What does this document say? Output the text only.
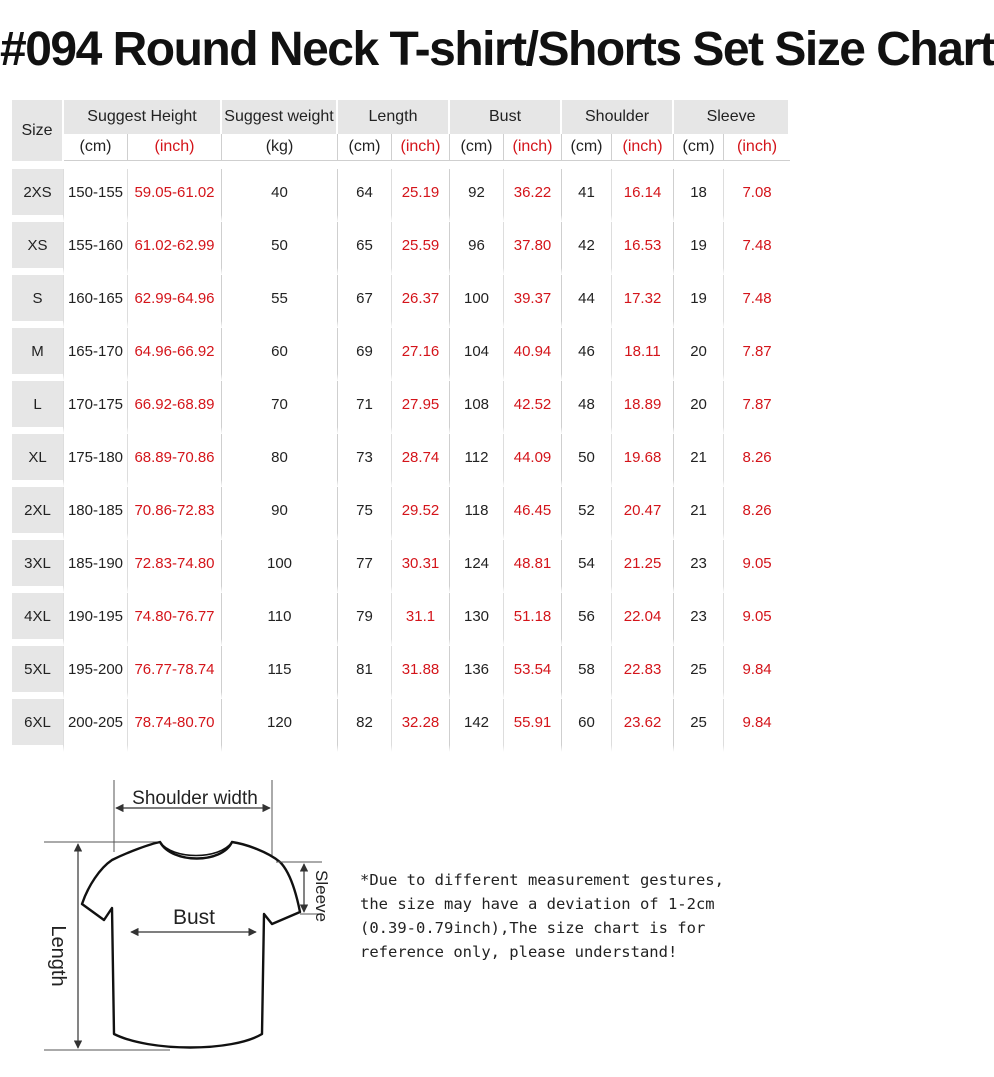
#094 Round Neck T-shirt/Shorts Set Size Chart
Size	Suggest Height		Suggest weight	Length		Bust		Shoulder		Sleeve	
	(cm)	(inch)	(kg)	(cm)	(inch)	(cm)	(inch)	(cm)	(inch)	(cm)	(inch)

2XS	150-155	59.05-61.02	40	64	25.19	92	36.22	41	16.14	18	7.08
XS	155-160	61.02-62.99	50	65	25.59	96	37.80	42	16.53	19	7.48
S	160-165	62.99-64.96	55	67	26.37	100	39.37	44	17.32	19	7.48
M	165-170	64.96-66.92	60	69	27.16	104	40.94	46	18.11	20	7.87
L	170-175	66.92-68.89	70	71	27.95	108	42.52	48	18.89	20	7.87
XL	175-180	68.89-70.86	80	73	28.74	112	44.09	50	19.68	21	8.26
2XL	180-185	70.86-72.83	90	75	29.52	118	46.45	52	20.47	21	8.26
3XL	185-190	72.83-74.80	100	77	30.31	124	48.81	54	21.25	23	9.05
4XL	190-195	74.80-76.77	110	79	31.1	130	51.18	56	22.04	23	9.05
5XL	195-200	76.77-78.74	115	81	31.88	136	53.54	58	22.83	25	9.84
6XL	200-205	78.74-80.70	120	82	32.28	142	55.91	60	23.62	25	9.84
Shoulder width
Length
Bust	Sleeve *Due to different measurement gestures,
the size may have a deviation of 1-2cm
(0.39-0.79inch),The size chart is for
reference only, please understand!
